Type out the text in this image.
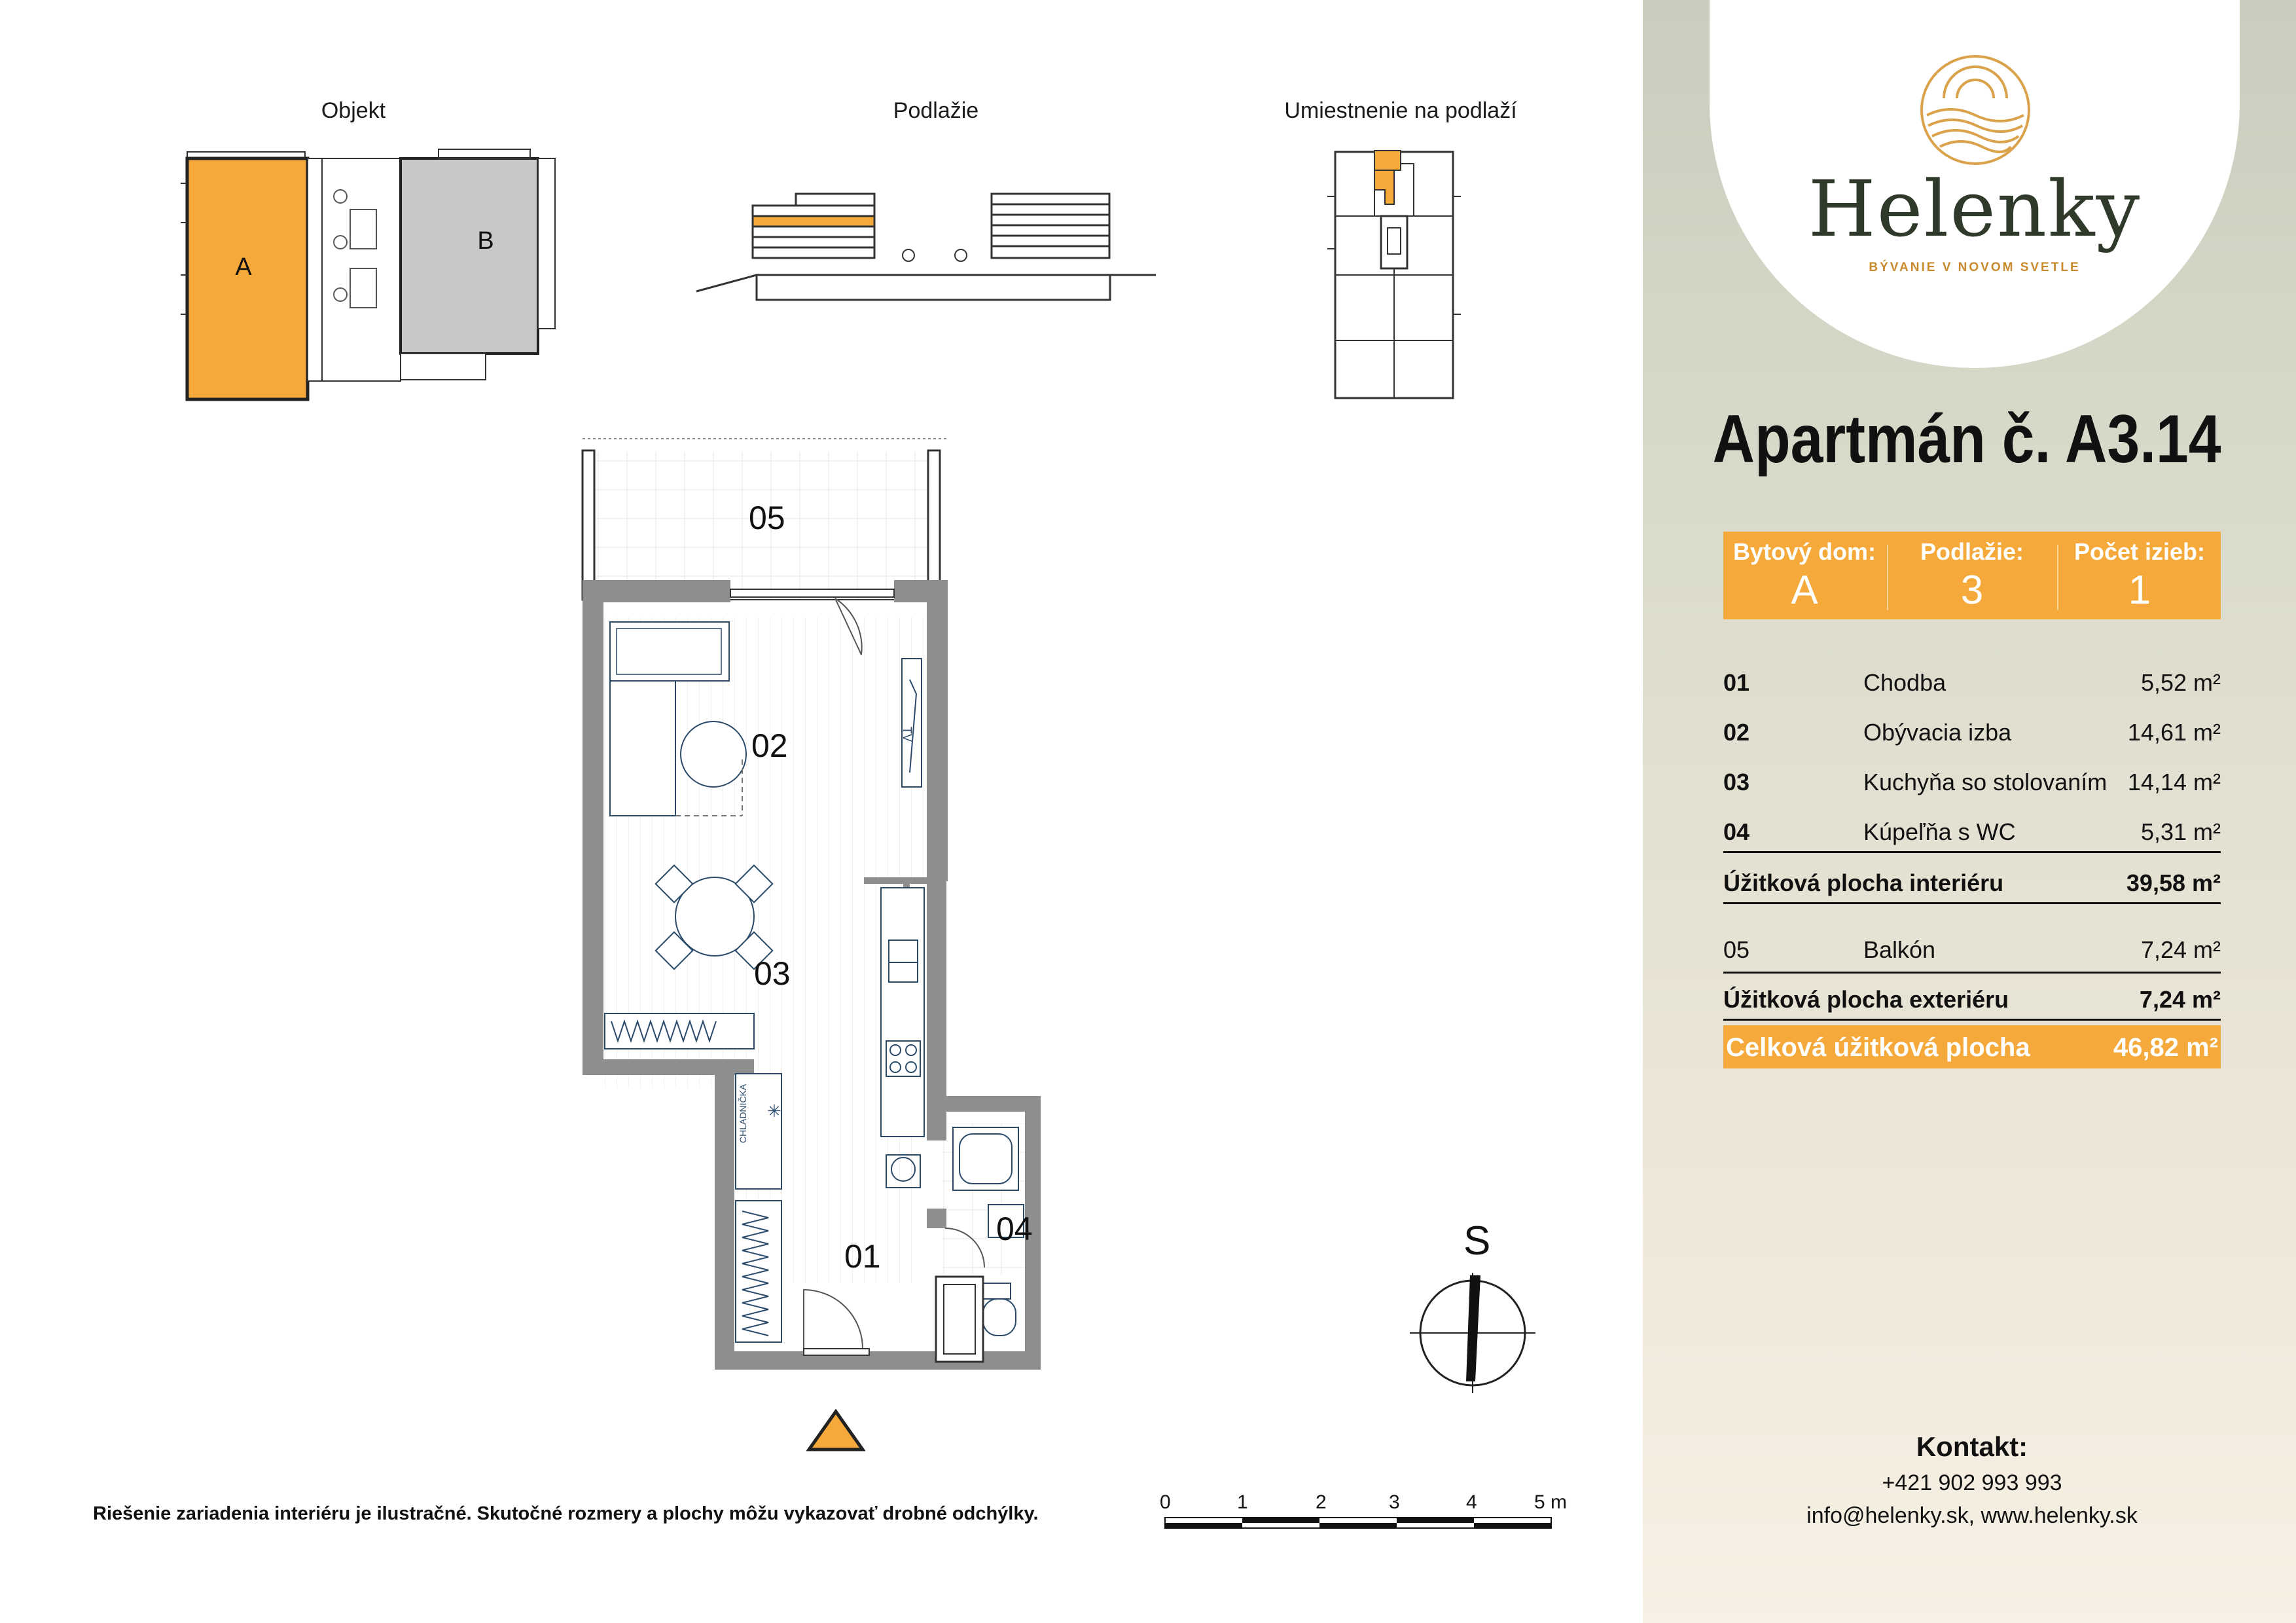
Objekt	Podlažie	Umiestnenie na podlaží
A
B
TV
CHLADNIČKA ✳
05
02
03
01
04	S
0	1	2	3	4	5 m
Riešenie zariadenia interiéru je ilustračné. Skutočné rozmery a plochy môžu vykazovať drobné odchýlky.
Helenky
BÝVANIE V NOVOM SVETLE
Apartmán č. A3.14
Bytový dom:
A
Podlažie:
3
Počet izieb:
1
01	Chodba	5,52 m²
02	Obývacia izba	14,61 m²
03	Kuchyňa so stolovaním 14,14 m²
04	Kúpeľňa s WC	5,31 m²
Úžitková plocha interiéru	39,58 m²
05	Balkón	7,24 m²
Úžitková plocha exteriéru	7,24 m²
Celková úžitková plocha	46,82 m²
Kontakt:
+421 902 993 993
info@helenky.sk, www.helenky.sk
